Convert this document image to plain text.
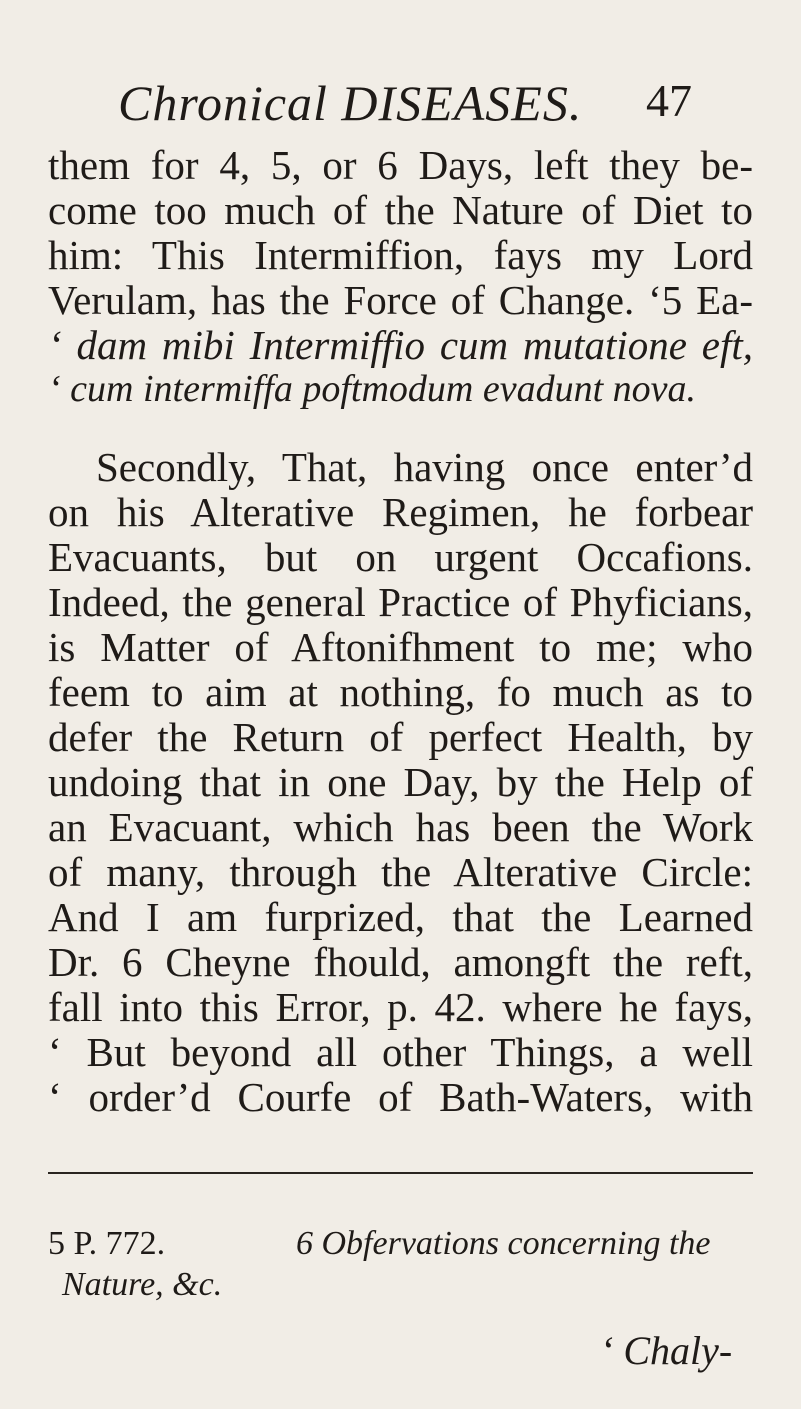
Chronical DISEASES. 47
them for 4, 5, or 6 Days, left they be-
come too much of the Nature of Diet to
him: This Intermiffion, fays my Lord
Verulam, has the Force of Change. ‘5 Ea-
‘ dam mibi Intermiffio cum mutatione eft,
‘ cum intermiffa poftmodum evadunt nova.
Secondly, That, having once enter’d
on his Alterative Regimen, he forbear
Evacuants, but on urgent Occafions.
Indeed, the general Practice of Phyficians,
is Matter of Aftonifhment to me; who
feem to aim at nothing, fo much as to
defer the Return of perfect Health, by
undoing that in one Day, by the Help of
an Evacuant, which has been the Work
of many, through the Alterative Circle:
And I am furprized, that the Learned
Dr. 6 Cheyne fhould, amongft the reft,
fall into this Error, p. 42. where he fays,
‘ But beyond all other Things, a well
‘ order’d Courfe of Bath-Waters, with
5 P. 772.	6 Obfervations concerning the
Nature, &c.
‘ Chaly-
